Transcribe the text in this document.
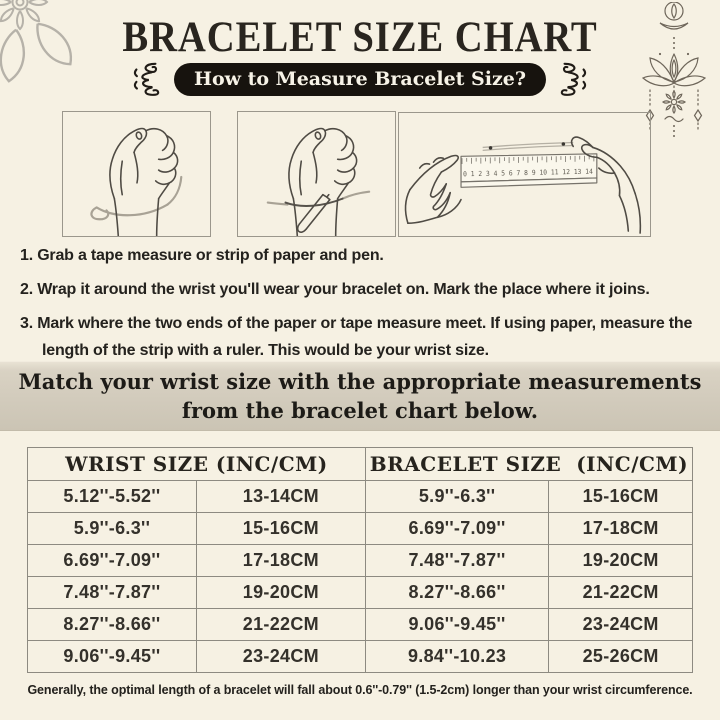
BRACELET SIZE CHART
How to Measure Bracelet Size?
0 1 2 3 4 5 6 7 8 9 10 11 12 13 14
1. Grab a tape measure or strip of paper and pen.
2. Wrap it around the wrist you'll wear your bracelet on. Mark the place where it joins.
3. Mark where the two ends of the paper or tape measure meet. If using paper, measure the length of the strip with a ruler. This would be your wrist size.
Match your wrist size with the appropriate measurements
from the bracelet chart below.
WRIST SIZE (INC/CM)		BRACELET SIZE  (INC/CM)	
5.12''-5.52''	13-14CM	5.9''-6.3''	15-16CM
5.9''-6.3''	15-16CM	6.69''-7.09''	17-18CM
6.69''-7.09''	17-18CM	7.48''-7.87''	19-20CM
7.48''-7.87''	19-20CM	8.27''-8.66''	21-22CM
8.27''-8.66''	21-22CM	9.06''-9.45''	23-24CM
9.06''-9.45''	23-24CM	9.84''-10.23	25-26CM

Generally, the optimal length of a bracelet will fall about 0.6''-0.79'' (1.5-2cm) longer than your wrist circumference.
